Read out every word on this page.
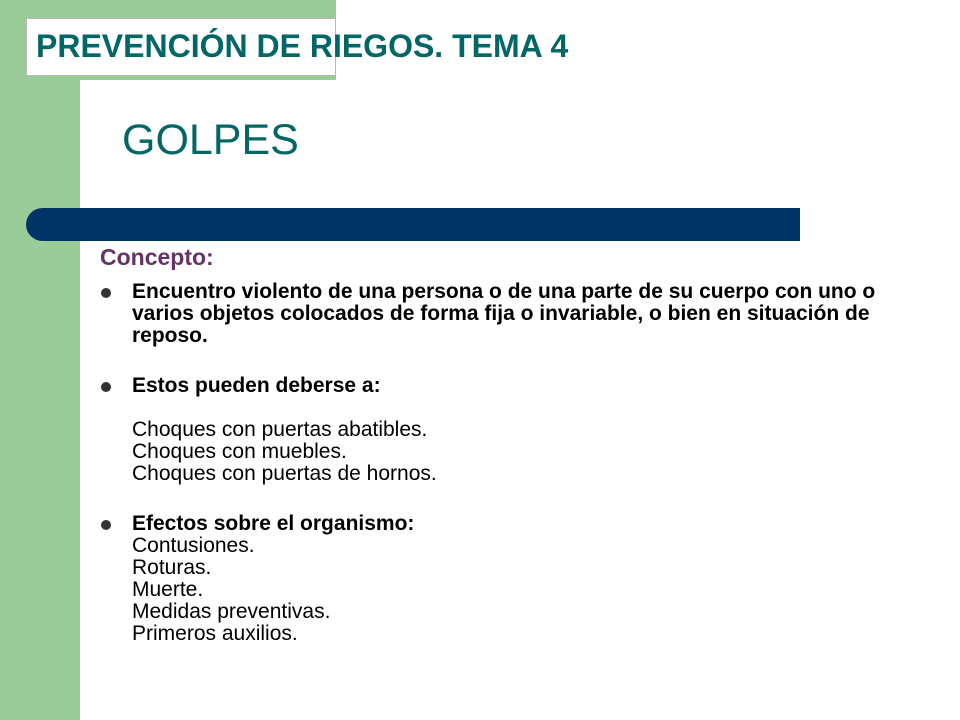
PREVENCIÓN DE RIEGOS. TEMA 4
GOLPES

Concepto:

Encuentro violento de una persona o de una parte de su cuerpo con uno o varios objetos colocados de forma fija o invariable, o bien en situación de reposo.
Estos pueden deberse a:
Choques con puertas abatibles.
Choques con muebles.
Choques con puertas de hornos.
Efectos sobre el organismo:
Contusiones.
Roturas.
Muerte.
Medidas preventivas.
Primeros auxilios.
